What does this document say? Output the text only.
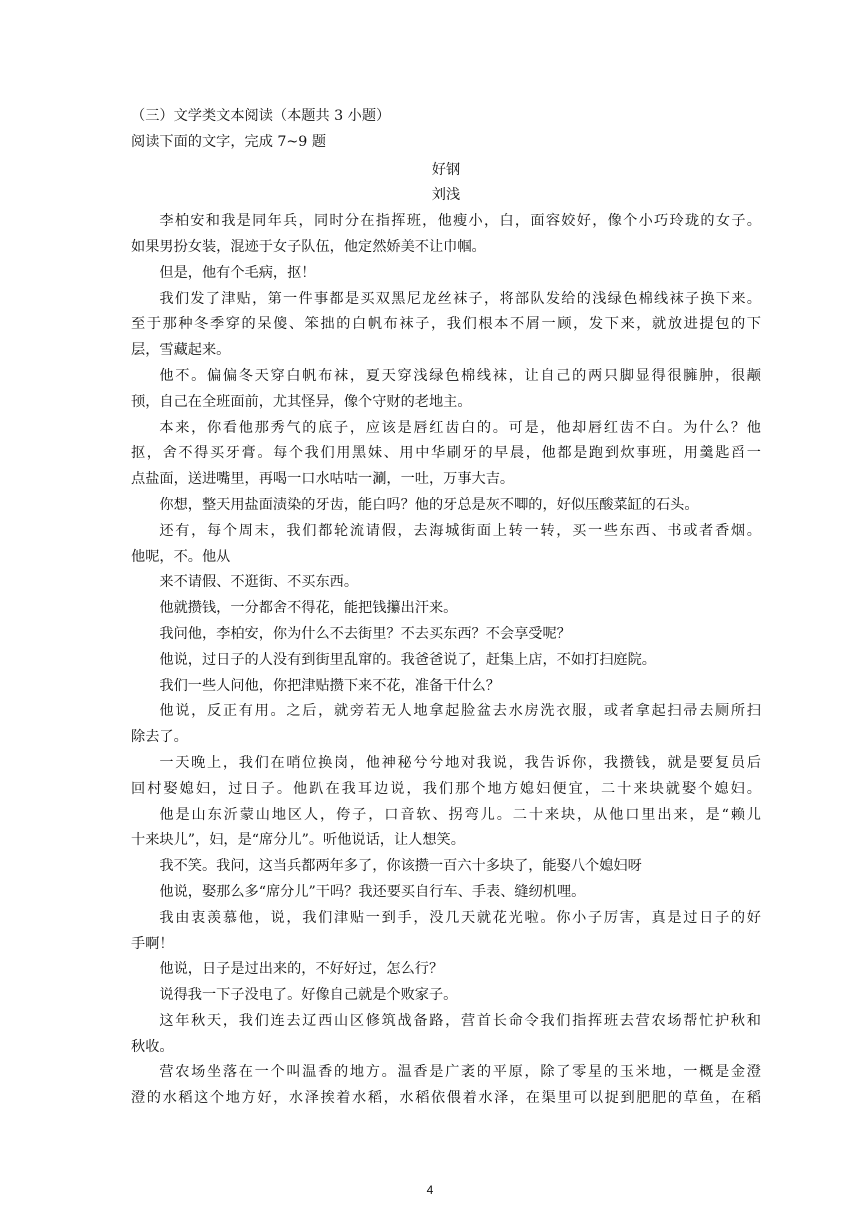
（三）文学类文本阅读（本题共 3 小题）
阅读下面的文字，完成 7~9 题
好钢
刘浅
李柏安和我是同年兵，同时分在指挥班，他瘦小，白，面容姣好，像个小巧玲珑的女子。
如果男扮女装，混迹于女子队伍，他定然娇美不让巾帼。
但是，他有个毛病，抠！
我们发了津贴，第一件事都是买双黑尼龙丝袜子，将部队发给的浅绿色棉线袜子换下来。
至于那种冬季穿的呆傻、笨拙的白帆布袜子，我们根本不屑一顾，发下来，就放进提包的下
层，雪藏起来。
他不。偏偏冬天穿白帆布袜，夏天穿浅绿色棉线袜，让自己的两只脚显得很臃肿，很颟
顸，自己在全班面前，尤其怪异，像个守财的老地主。
本来，你看他那秀气的底子，应该是唇红齿白的。可是，他却唇红齿不白。为什么？他
抠，舍不得买牙膏。每个我们用黑妹、用中华刷牙的早晨，他都是跑到炊事班，用羹匙舀一
点盐面，送进嘴里，再喝一口水咕咕一涮，一吐，万事大吉。
你想，整天用盐面渍染的牙齿，能白吗？他的牙总是灰不唧的，好似压酸菜缸的石头。
还有，每个周末，我们都轮流请假，去海城街面上转一转，买一些东西、书或者香烟。
他呢，不。他从
来不请假、不逛街、不买东西。
他就攒钱，一分都舍不得花，能把钱攥出汗来。
我问他，李柏安，你为什么不去街里？不去买东西？不会享受呢？
他说，过日子的人没有到街里乱窜的。我爸爸说了，赶集上店，不如打扫庭院。
我们一些人问他，你把津贴攒下来不花，准备干什么？
他说，反正有用。之后，就旁若无人地拿起脸盆去水房洗衣服，或者拿起扫帚去厕所扫
除去了。
一天晚上，我们在哨位换岗，他神秘兮兮地对我说，我告诉你，我攒钱，就是要复员后
回村娶媳妇，过日子。他趴在我耳边说，我们那个地方媳妇便宜，二十来块就娶个媳妇。
他是山东沂蒙山地区人，侉子，口音软、拐弯儿。二十来块，从他口里出来，是“赖儿
十来块儿”，妇，是“席分儿”。听他说话，让人想笑。
我不笑。我问，这当兵都两年多了，你该攒一百六十多块了，能娶八个媳妇呀
他说，娶那么多“席分儿”干吗？我还要买自行车、手表、缝纫机哩。
我由衷羡慕他，说，我们津贴一到手，没几天就花光啦。你小子厉害，真是过日子的好
手啊！
他说，日子是过出来的，不好好过，怎么行？
说得我一下子没电了。好像自己就是个败家子。
这年秋天，我们连去辽西山区修筑战备路，营首长命令我们指挥班去营农场帮忙护秋和
秋收。
营农场坐落在一个叫温香的地方。温香是广袤的平原，除了零星的玉米地，一概是金澄
澄的水稻这个地方好，水泽挨着水稻，水稻依偎着水泽，在渠里可以捉到肥肥的草鱼，在稻
4
